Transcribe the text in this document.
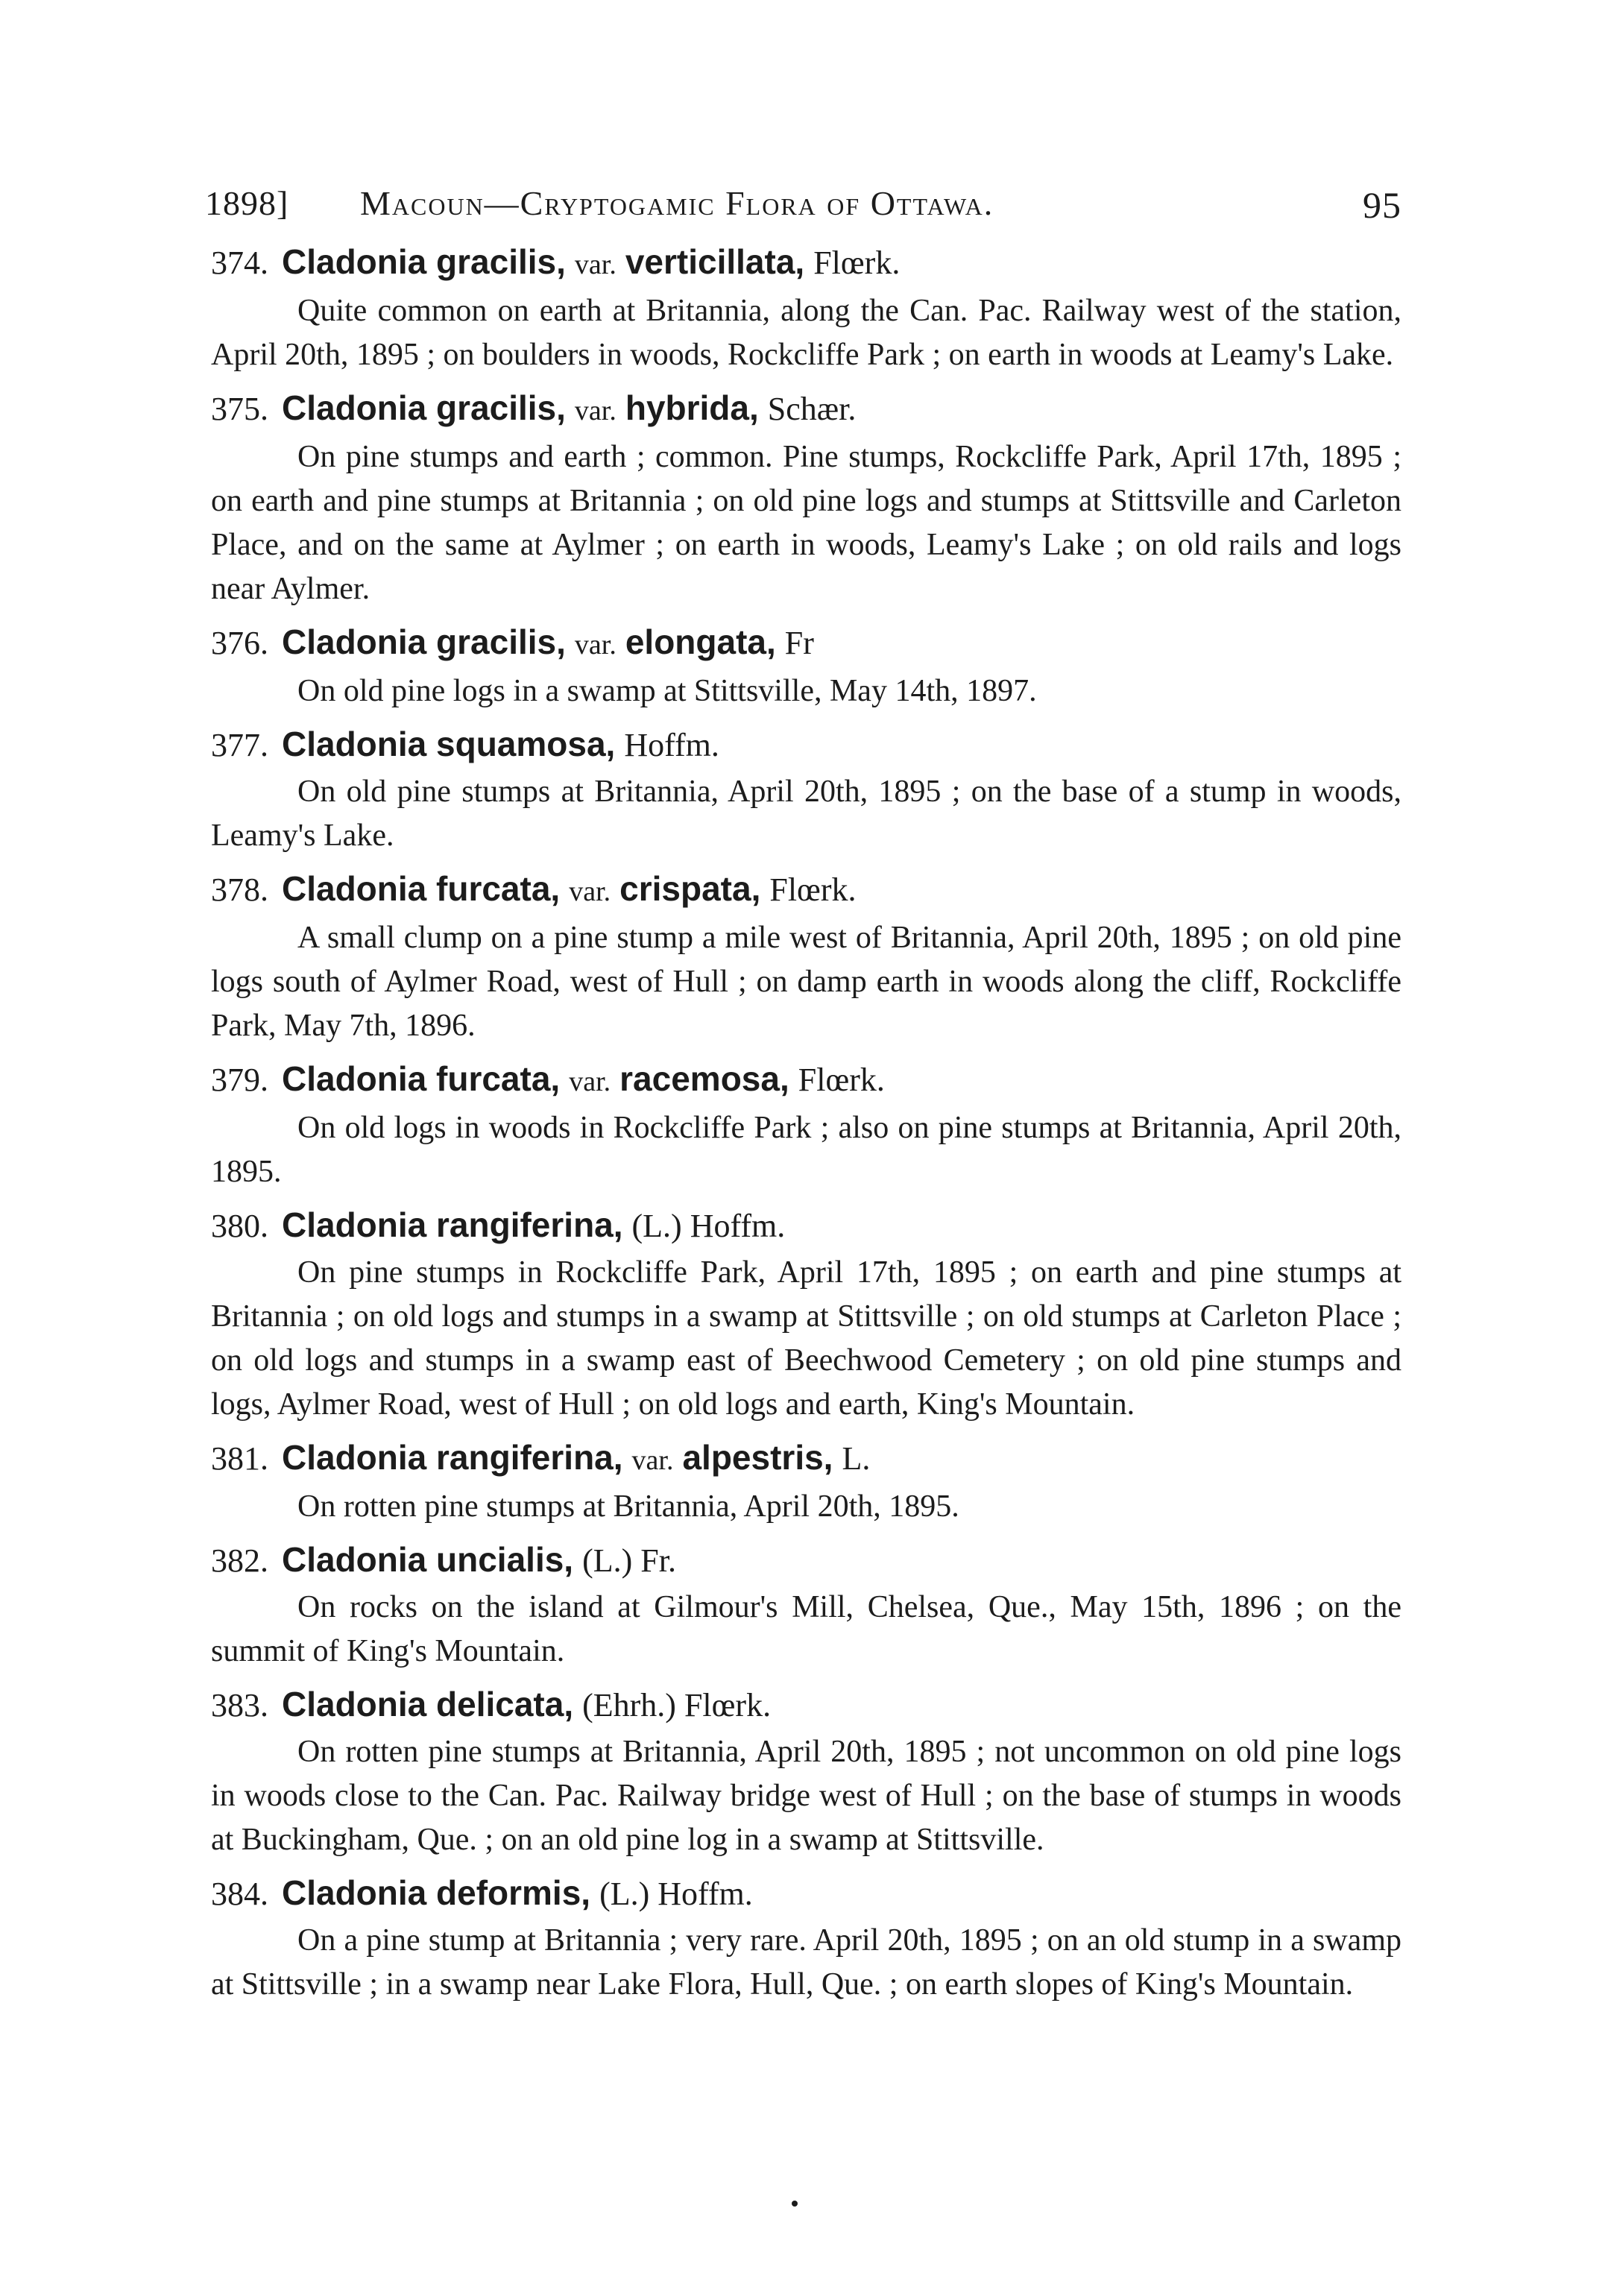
1898] Macoun—Cryptogamic Flora of Ottawa.	95
374. Cladonia gracilis, var. verticillata, Flœrk.

Quite common on earth at Britannia, along the Can. Pac. Railway west of the station, April 20th, 1895 ; on boulders in woods, Rockcliffe Park ; on earth in woods at Leamy's Lake.

375. Cladonia gracilis, var. hybrida, Schær.

On pine stumps and earth ; common. Pine stumps, Rockcliffe Park, April 17th, 1895 ; on earth and pine stumps at Britannia ; on old pine logs and stumps at Stittsville and Carleton Place, and on the same at Aylmer ; on earth in woods, Leamy's Lake ; on old rails and logs near Aylmer.

376. Cladonia gracilis, var. elongata, Fr

On old pine logs in a swamp at Stittsville, May 14th, 1897.

377. Cladonia squamosa, Hoffm.

On old pine stumps at Britannia, April 20th, 1895 ; on the base of a stump in woods, Leamy's Lake.

378. Cladonia furcata, var. crispata, Flœrk.

A small clump on a pine stump a mile west of Britannia, April 20th, 1895 ; on old pine logs south of Aylmer Road, west of Hull ; on damp earth in woods along the cliff, Rockcliffe Park, May 7th, 1896.

379. Cladonia furcata, var. racemosa, Flœrk.

On old logs in woods in Rockcliffe Park ; also on pine stumps at Britannia, April 20th, 1895.

380. Cladonia rangiferina, (L.) Hoffm.

On pine stumps in Rockcliffe Park, April 17th, 1895 ; on earth and pine stumps at Britannia ; on old logs and stumps in a swamp at Stittsville ; on old stumps at Carleton Place ; on old logs and stumps in a swamp east of Beechwood Cemetery ; on old pine stumps and logs, Aylmer Road, west of Hull ; on old logs and earth, King's Mountain.

381. Cladonia rangiferina, var. alpestris, L.

On rotten pine stumps at Britannia, April 20th, 1895.

382. Cladonia uncialis, (L.) Fr.

On rocks on the island at Gilmour's Mill, Chelsea, Que., May 15th, 1896 ; on the summit of King's Mountain.

383. Cladonia delicata, (Ehrh.) Flœrk.

On rotten pine stumps at Britannia, April 20th, 1895 ; not uncommon on old pine logs in woods close to the Can. Pac. Railway bridge west of Hull ; on the base of stumps in woods at Buckingham, Que. ; on an old pine log in a swamp at Stittsville.

384. Cladonia deformis, (L.) Hoffm.

On a pine stump at Britannia ; very rare. April 20th, 1895 ; on an old stump in a swamp at Stittsville ; in a swamp near Lake Flora, Hull, Que. ; on earth slopes of King's Mountain.
